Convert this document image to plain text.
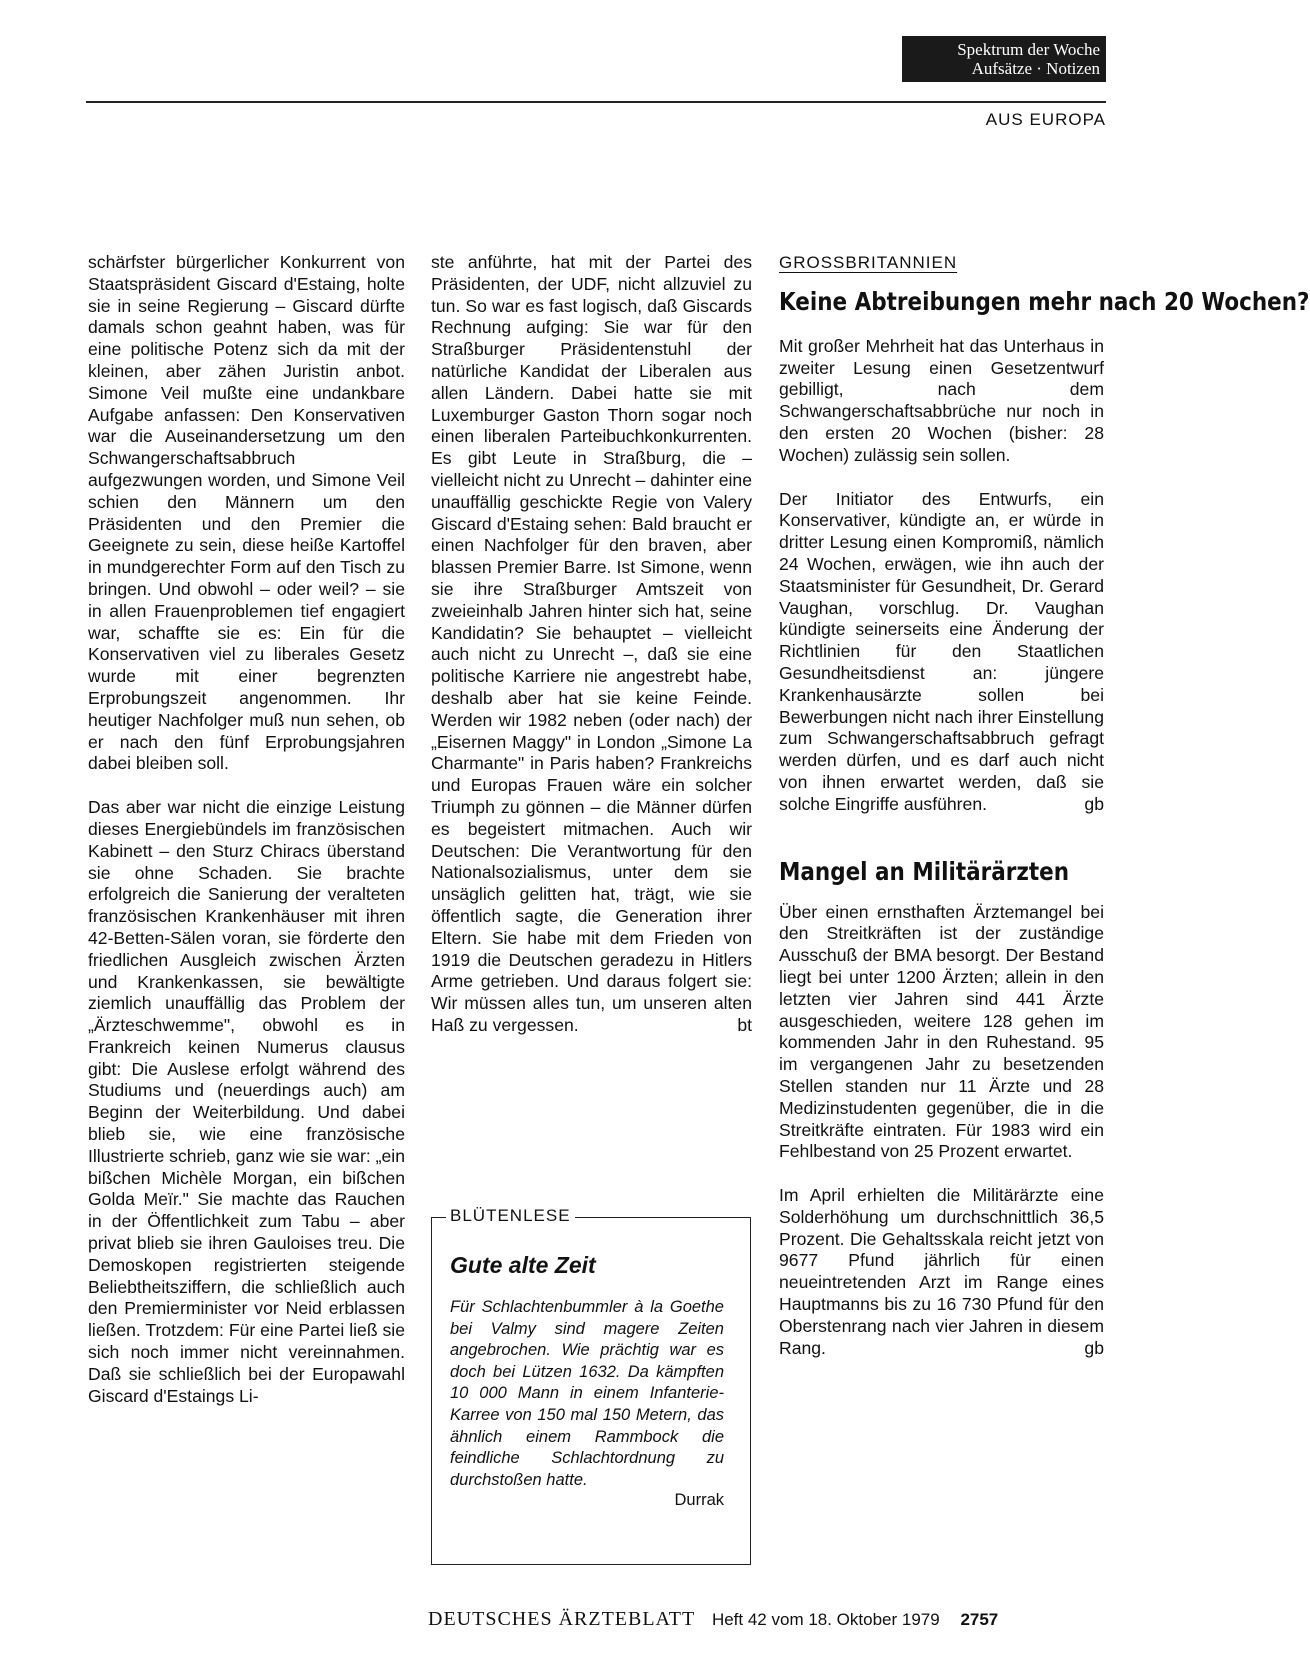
Spektrum der Woche
Aufsätze · Notizen
AUS EUROPA

schärfster bürgerlicher Konkurrent von Staatspräsident Giscard d'Estaing, holte sie in seine Regierung – Giscard dürfte damals schon geahnt haben, was für eine politische Potenz sich da mit der kleinen, aber zähen Juristin anbot. Simone Veil mußte eine undankbare Aufgabe anfassen: Den Konservativen war die Auseinandersetzung um den Schwangerschaftsabbruch aufgezwungen worden, und Simone Veil schien den Männern um den Präsidenten und den Premier die Geeignete zu sein, diese heiße Kartoffel in mundgerechter Form auf den Tisch zu bringen. Und obwohl – oder weil? – sie in allen Frauenproblemen tief engagiert war, schaffte sie es: Ein für die Konservativen viel zu liberales Gesetz wurde mit einer begrenzten Erprobungszeit angenommen. Ihr heutiger Nachfolger muß nun sehen, ob er nach den fünf Erprobungsjahren dabei bleiben soll.

Das aber war nicht die einzige Leistung dieses Energiebündels im französischen Kabinett – den Sturz Chiracs überstand sie ohne Schaden. Sie brachte erfolgreich die Sanierung der veralteten französischen Krankenhäuser mit ihren 42-Betten-Sälen voran, sie förderte den friedlichen Ausgleich zwischen Ärzten und Krankenkassen, sie bewältigte ziemlich unauffällig das Problem der „Ärzteschwemme", obwohl es in Frankreich keinen Numerus clausus gibt: Die Auslese erfolgt während des Studiums und (neuerdings auch) am Beginn der Weiterbildung. Und dabei blieb sie, wie eine französische Illustrierte schrieb, ganz wie sie war: „ein bißchen Michèle Morgan, ein bißchen Golda Meïr." Sie machte das Rauchen in der Öffentlichkeit zum Tabu – aber privat blieb sie ihren Gauloises treu. Die Demoskopen registrierten steigende Beliebtheitsziffern, die schließlich auch den Premierminister vor Neid erblassen ließen. Trotzdem: Für eine Partei ließ sie sich noch immer nicht vereinnahmen. Daß sie schließlich bei der Europawahl Giscard d'Estaings Li-

ste anführte, hat mit der Partei des Präsidenten, der UDF, nicht allzuviel zu tun. So war es fast logisch, daß Giscards Rechnung aufging: Sie war für den Straßburger Präsidentenstuhl der natürliche Kandidat der Liberalen aus allen Ländern. Dabei hatte sie mit Luxemburger Gaston Thorn sogar noch einen liberalen Parteibuchkonkurrenten. Es gibt Leute in Straßburg, die – vielleicht nicht zu Unrecht – dahinter eine unauffällig geschickte Regie von Valery Giscard d'Estaing sehen: Bald braucht er einen Nachfolger für den braven, aber blassen Premier Barre. Ist Simone, wenn sie ihre Straßburger Amtszeit von zweieinhalb Jahren hinter sich hat, seine Kandidatin? Sie behauptet – vielleicht auch nicht zu Unrecht –, daß sie eine politische Karriere nie angestrebt habe, deshalb aber hat sie keine Feinde. Werden wir 1982 neben (oder nach) der „Eisernen Maggy" in London „Simone La Charmante" in Paris haben? Frankreichs und Europas Frauen wäre ein solcher Triumph zu gönnen – die Männer dürfen es begeistert mitmachen. Auch wir Deutschen: Die Verantwortung für den Nationalsozialismus, unter dem sie unsäglich gelitten hat, trägt, wie sie öffentlich sagte, die Generation ihrer Eltern. Sie habe mit dem Frieden von 1919 die Deutschen geradezu in Hitlers Arme getrieben. Und daraus folgert sie: Wir müssen alles tun, um unseren alten Haß zu vergessen.	bt

BLÜTENLESE
Gute alte Zeit
Für Schlachtenbummler à la Goethe bei Valmy sind magere Zeiten angebrochen. Wie prächtig war es doch bei Lützen 1632. Da kämpften 10 000 Mann in einem Infanterie-Karree von 150 mal 150 Metern, das ähnlich einem Rammbock die feindliche Schlachtordnung zu durchstoßen hatte.
Durrak
GROSSBRITANNIEN
Keine Abtreibungen mehr nach 20 Wochen?

Mit großer Mehrheit hat das Unterhaus in zweiter Lesung einen Gesetzentwurf gebilligt, nach dem Schwangerschaftsabbrüche nur noch in den ersten 20 Wochen (bisher: 28 Wochen) zulässig sein sollen.

Der Initiator des Entwurfs, ein Konservativer, kündigte an, er würde in dritter Lesung einen Kompromiß, nämlich 24 Wochen, erwägen, wie ihn auch der Staatsminister für Gesundheit, Dr. Gerard Vaughan, vorschlug. Dr. Vaughan kündigte seinerseits eine Änderung der Richtlinien für den Staatlichen Gesundheitsdienst an: jüngere Krankenhausärzte sollen bei Bewerbungen nicht nach ihrer Einstellung zum Schwangerschaftsabbruch gefragt werden dürfen, und es darf auch nicht von ihnen erwartet werden, daß sie solche Eingriffe ausführen.	gb

Mangel an Militärärzten

Über einen ernsthaften Ärztemangel bei den Streitkräften ist der zuständige Ausschuß der BMA besorgt. Der Bestand liegt bei unter 1200 Ärzten; allein in den letzten vier Jahren sind 441 Ärzte ausgeschieden, weitere 128 gehen im kommenden Jahr in den Ruhestand. 95 im vergangenen Jahr zu besetzenden Stellen standen nur 11 Ärzte und 28 Medizinstudenten gegenüber, die in die Streitkräfte eintraten. Für 1983 wird ein Fehlbestand von 25 Prozent erwartet.

Im April erhielten die Militärärzte eine Solderhöhung um durchschnittlich 36,5 Prozent. Die Gehaltsskala reicht jetzt von 9677 Pfund jährlich für einen neueintretenden Arzt im Range eines Hauptmanns bis zu 16 730 Pfund für den Oberstenrang nach vier Jahren in diesem Rang.	gb

DEUTSCHES ÄRZTEBLATT Heft 42 vom 18. Oktober 1979 2757
